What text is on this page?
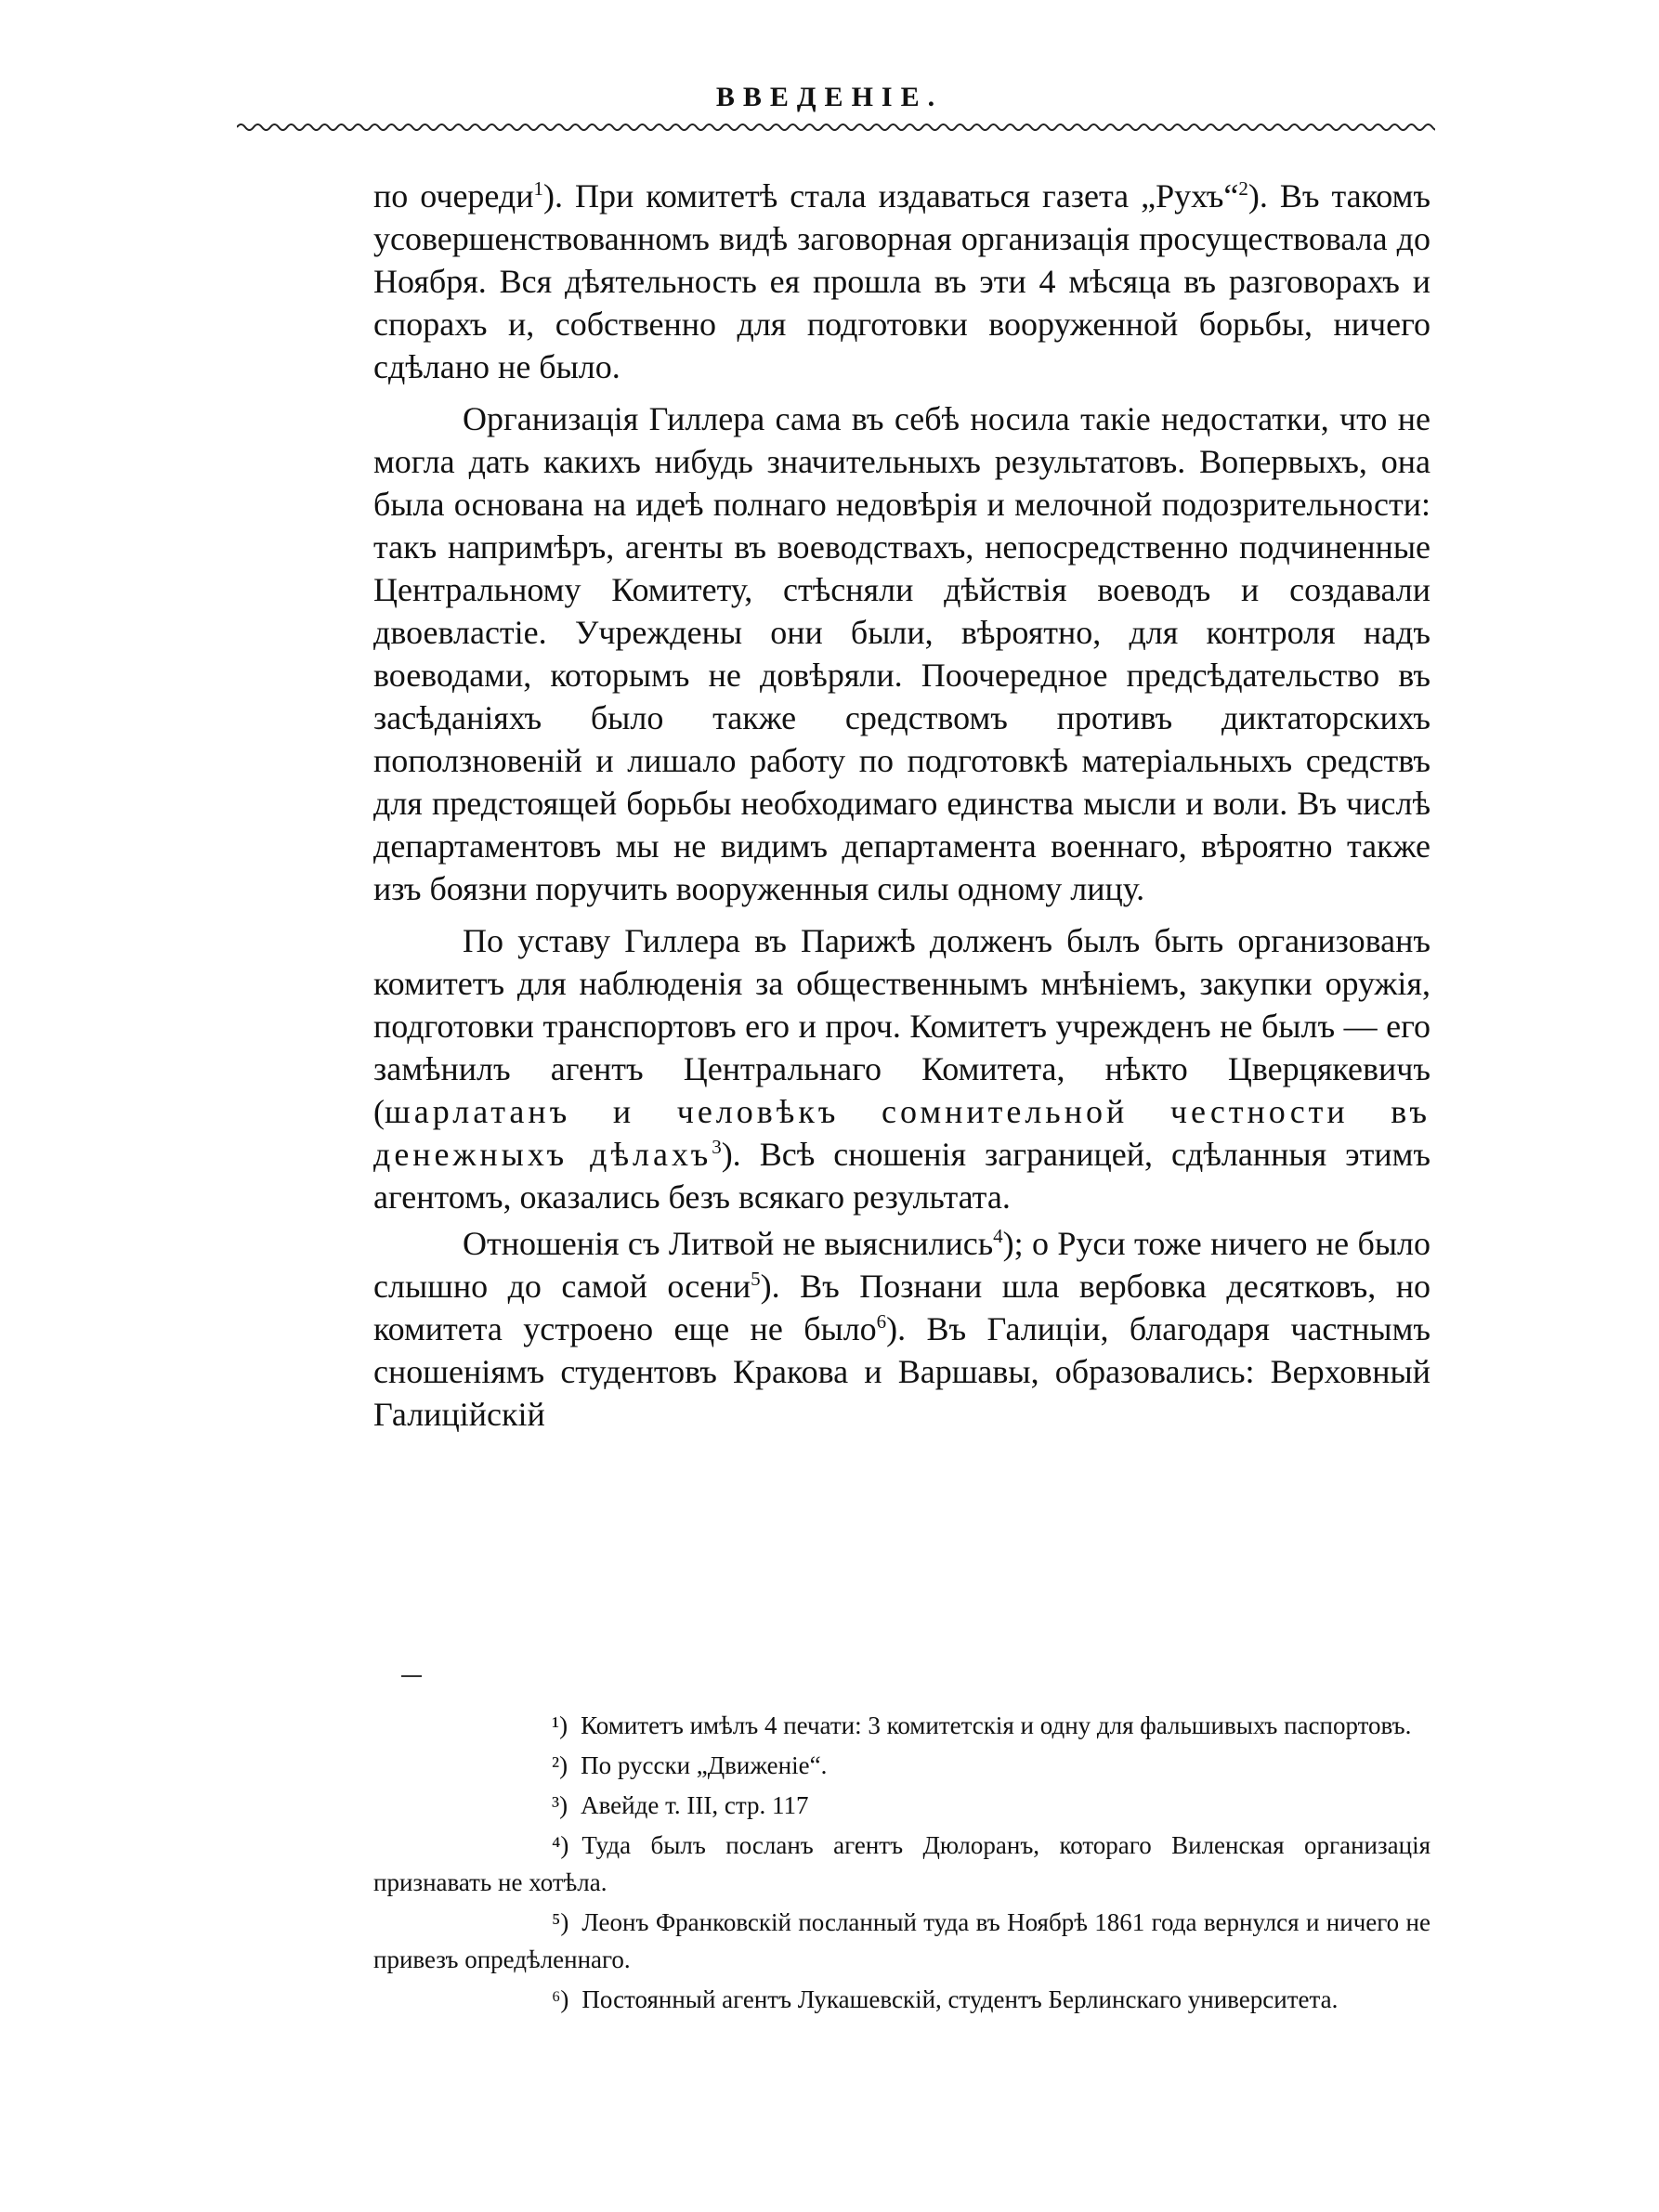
ВВЕДЕНІЕ.

по очереди$^1$). При комитетѣ стала издаваться газета „Рухъ“$^2$). Въ такомъ усовершенствованномъ видѣ заговорная организація просуществовала до Ноября. Вся дѣятельность ея прошла въ эти 4 мѣсяца въ разговорахъ и спорахъ и, собственно для подготовки вооруженной борьбы, ничего сдѣлано не было.

Организація Гиллера сама въ себѣ носила такіе недостатки, что не могла дать какихъ нибудь значительныхъ результатовъ. Вопервыхъ, она была основана на идеѣ полнаго недовѣрія и мелочной подозрительности: такъ напримѣръ, агенты въ воеводствахъ, непосредственно подчиненные Центральному Комитету, стѣсняли дѣйствія воеводъ и создавали двоевластіе. Учреждены они были, вѣроятно, для контроля надъ воеводами, которымъ не довѣряли. Поочередное предсѣдательство въ засѣданіяхъ было также средствомъ противъ диктаторскихъ поползновеній и лишало работу по подготовкѣ матеріальныхъ средствъ для предстоящей борьбы необходимаго единства мысли и воли. Въ числѣ департаментовъ мы не видимъ департамента военнаго, вѣроятно также изъ боязни поручить вооруженныя силы одному лицу.

По уставу Гиллера въ Парижѣ долженъ былъ быть организованъ комитетъ для наблюденія за общественнымъ мнѣніемъ, закупки оружія, подготовки транспортовъ его и проч. Комитетъ учрежденъ не былъ — его замѣнилъ агентъ Центральнаго Комитета, нѣкто Цверцякевичъ (шарлатанъ и человѣкъ сомнительной честности въ денежныхъ дѣлахъ$^3$). Всѣ сношенія заграницей, сдѣланныя этимъ агентомъ, оказались безъ всякаго результата.

Отношенія съ Литвой не выяснились$^4$); о Руси тоже ничего не было слышно до самой осени$^5$). Въ Познани шла вербовка десятковъ, но комитета устроено еще не было$^6$). Въ Галиціи, благодаря частнымъ сношеніямъ студентовъ Кракова и Варшавы, образовались: Верховный Галиційскій

¹) Комитетъ имѣлъ 4 печати: 3 комитетскія и одну для фальшивыхъ паспортовъ.

²) По русски „Движеніе“.

³) Авейде т. III, стр. 117

⁴) Туда былъ посланъ агентъ Дюлоранъ, котораго Виленская организація признавать не хотѣла.

⁵) Леонъ Франковскій посланный туда въ Ноябрѣ 1861 года вернулся и ничего не привезъ опредѣленнаго.

⁶) Постоянный агентъ Лукашевскій, студентъ Берлинскаго университета.
